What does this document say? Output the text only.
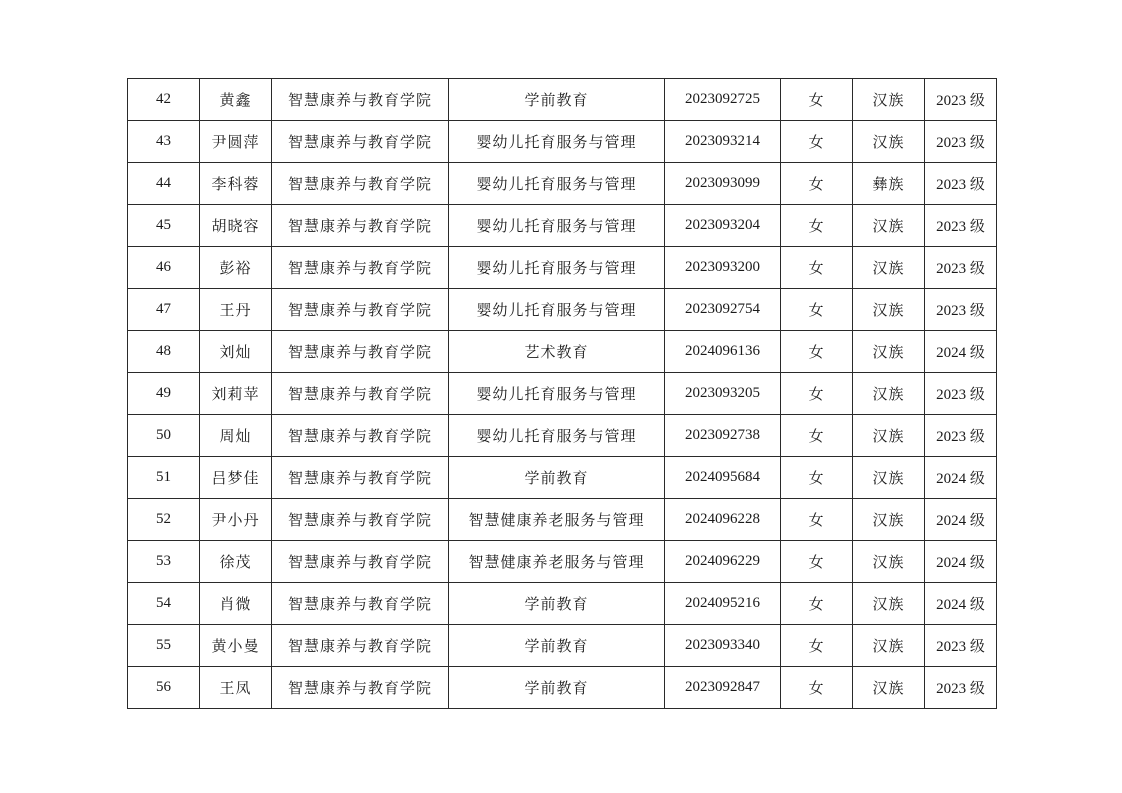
42	黄鑫	智慧康养与教育学院	学前教育	2023092725	女	汉族	2023 级
43	尹圆萍	智慧康养与教育学院	婴幼儿托育服务与管理	2023093214	女	汉族	2023 级
44	李科蓉	智慧康养与教育学院	婴幼儿托育服务与管理	2023093099	女	彝族	2023 级
45	胡晓容	智慧康养与教育学院	婴幼儿托育服务与管理	2023093204	女	汉族	2023 级
46	彭裕	智慧康养与教育学院	婴幼儿托育服务与管理	2023093200	女	汉族	2023 级
47	王丹	智慧康养与教育学院	婴幼儿托育服务与管理	2023092754	女	汉族	2023 级
48	刘灿	智慧康养与教育学院	艺术教育	2024096136	女	汉族	2024 级
49	刘莉苹	智慧康养与教育学院	婴幼儿托育服务与管理	2023093205	女	汉族	2023 级
50	周灿	智慧康养与教育学院	婴幼儿托育服务与管理	2023092738	女	汉族	2023 级
51	吕梦佳	智慧康养与教育学院	学前教育	2024095684	女	汉族	2024 级
52	尹小丹	智慧康养与教育学院	智慧健康养老服务与管理	2024096228	女	汉族	2024 级
53	徐茂	智慧康养与教育学院	智慧健康养老服务与管理	2024096229	女	汉族	2024 级
54	肖微	智慧康养与教育学院	学前教育	2024095216	女	汉族	2024 级
55	黄小曼	智慧康养与教育学院	学前教育	2023093340	女	汉族	2023 级
56	王凤	智慧康养与教育学院	学前教育	2023092847	女	汉族	2023 级
